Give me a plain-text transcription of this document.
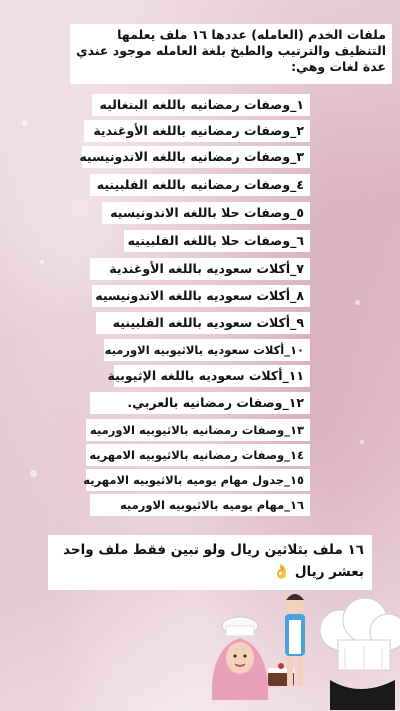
ملفات الخدم (العامله) عددها ١٦ ملف يعلمها التنظيف والترتيب والطبخ بلغة العامله موجود عندي عدة لغات وهي:
١_وصفات رمضانيه باللغه البنغاليه
٢_وصفات رمضانيه باللغه الأوغندية
٣_وصفات رمضانيه باللغه الاندونيسيه
٤_وصفات رمضانيه باللغه الفلبينيه
٥_وصفات حلا باللغه الاندونيسيه
٦_وصفات حلا باللغه الفلبينيه
٧_أكلات سعوديه باللغه الأوغندية
٨_أكلات سعوديه باللغه الاندونيسيه
٩_أكلات سعوديه باللغه الفلبينيه
١٠_أكلات سعوديه بالاثيوبيه الاورميه
١١_أكلات سعوديه باللغه الإثيوبية
١٢_وصفات رمضانيه بالعربي.
١٣_وصفات رمضانيه بالاثيوبيه الاورميه
١٤_وصفات رمضانيه بالاثيوبيه الامهريه
١٥_جدول مهام يوميه بالاثيوبيه الامهريه
١٦_مهام يوميه بالاثيوبيه الاورميه
١٦ ملف بثلاثين ريال ولو تبين فقط ملف واحد بعشر ريال 👌
